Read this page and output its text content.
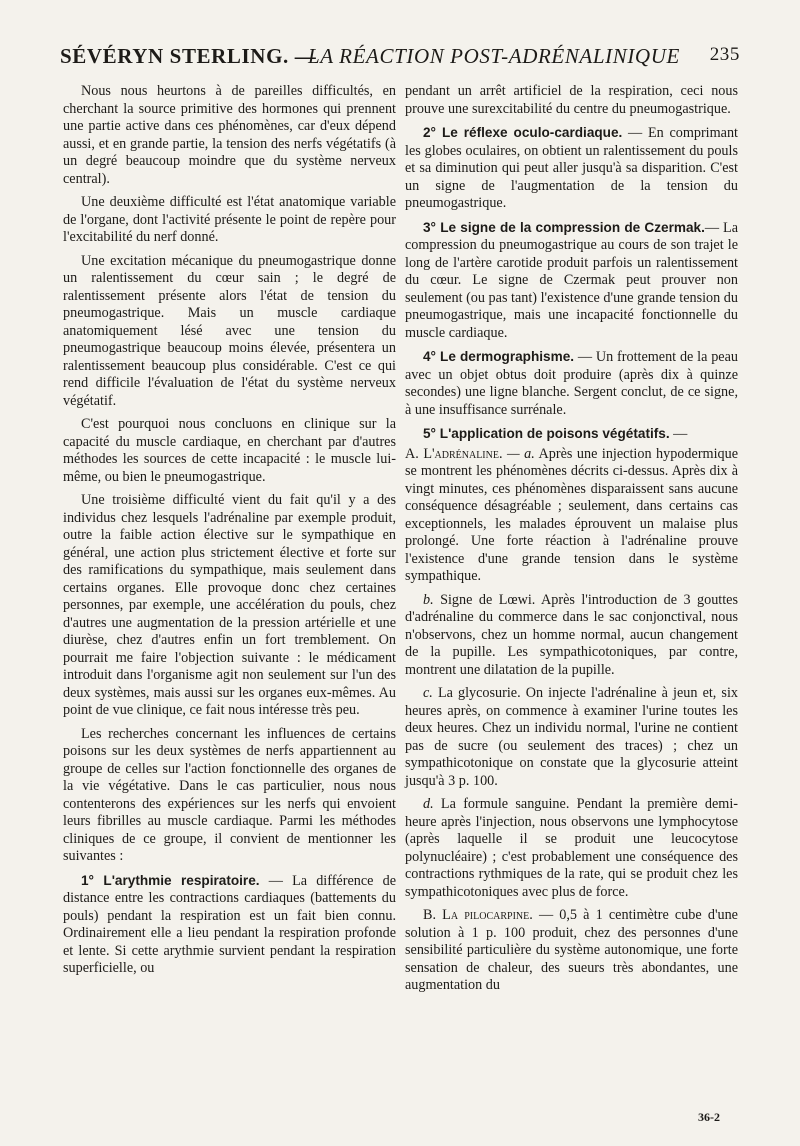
SÉVÉRYN STERLING. —
LA RÉACTION POST-ADRÉNALINIQUE 235

Nous nous heurtons à de pareilles difficultés, en cherchant la source primitive des hormones qui prennent une partie active dans ces phénomènes, car d'eux dépend aussi, et en grande partie, la tension des nerfs végétatifs (à un degré beaucoup moindre que du système nerveux central).

Une deuxième difficulté est l'état anatomique variable de l'organe, dont l'activité présente le point de repère pour l'excitabilité du nerf donné.

Une excitation mécanique du pneumogastrique donne un ralentissement du cœur sain ; le degré de ralentissement présente alors l'état de tension du pneumogastrique. Mais un muscle cardiaque anatomiquement lésé avec une tension du pneumogastrique beaucoup moins élevée, présentera un ralentissement beaucoup plus considérable. C'est ce qui rend difficile l'évaluation de l'état du système nerveux végétatif.

C'est pourquoi nous concluons en clinique sur la capacité du muscle cardiaque, en cherchant par d'autres méthodes les sources de cette incapacité : le muscle lui-même, ou bien le pneumogastrique.

Une troisième difficulté vient du fait qu'il y a des individus chez lesquels l'adrénaline par exemple produit, outre la faible action élective sur le sympathique en général, une action plus strictement élective et forte sur des ramifications du sympathique, mais seulement dans certains organes. Elle provoque donc chez certaines personnes, par exemple, une accélération du pouls, chez d'autres une augmentation de la pression artérielle et une diurèse, chez d'autres enfin un fort tremblement. On pourrait me faire l'objection suivante : le médicament introduit dans l'organisme agit non seulement sur l'un des deux systèmes, mais aussi sur les organes eux-mêmes. Au point de vue clinique, ce fait nous intéresse très peu.

Les recherches concernant les influences de certains poisons sur les deux systèmes de nerfs appartiennent au groupe de celles sur l'action fonctionnelle des organes de la vie végétative. Dans le cas particulier, nous nous contenterons des expériences sur les nerfs qui envoient leurs fibrilles au muscle cardiaque. Parmi les méthodes cliniques de ce groupe, il convient de mentionner les suivantes :

1° L'arythmie respiratoire. — La différence de distance entre les contractions cardiaques (battements du pouls) pendant la respiration est un fait bien connu. Ordinairement elle a lieu pendant la respiration profonde et lente. Si cette arythmie survient pendant la respiration superficielle, ou

pendant un arrêt artificiel de la respiration, ceci nous prouve une surexcitabilité du centre du pneumogastrique.

2° Le réflexe oculo-cardiaque. — En comprimant les globes oculaires, on obtient un ralentissement du pouls et sa diminution qui peut aller jusqu'à sa disparition. C'est un signe de l'augmentation de la tension du pneumogastrique.

3° Le signe de la compression de Czermak.— La compression du pneumogastrique au cours de son trajet le long de l'artère carotide produit parfois un ralentissement du cœur. Le signe de Czermak peut prouver non seulement (ou pas tant) l'existence d'une grande tension du pneumogastrique, mais une incapacité fonctionnelle du muscle cardiaque.

4° Le dermographisme. — Un frottement de la peau avec un objet obtus doit produire (après dix à quinze secondes) une ligne blanche. Sergent conclut, de ce signe, à une insuffisance surrénale.

5° L'application de poisons végétatifs. —

A. L'adrénaline. — a. Après une injection hypodermique se montrent les phénomènes décrits ci-dessus. Après dix à vingt minutes, ces phénomènes disparaissent sans aucune conséquence désagréable ; seulement, dans certains cas exceptionnels, les malades éprouvent un malaise plus prolongé. Une forte réaction à l'adrénaline prouve l'existence d'une grande tension dans le système sympathique.

b. Signe de Lœwi. Après l'introduction de 3 gouttes d'adrénaline du commerce dans le sac conjonctival, nous n'observons, chez un homme normal, aucun changement de la pupille. Les sympathicotoniques, par contre, montrent une dilatation de la pupille.

c. La glycosurie. On injecte l'adrénaline à jeun et, six heures après, on commence à examiner l'urine toutes les deux heures. Chez un individu normal, l'urine ne contient pas de sucre (ou seulement des traces) ; chez un sympathicotonique on constate que la glycosurie atteint jusqu'à 3 p. 100.

d. La formule sanguine. Pendant la première demi-heure après l'injection, nous observons une lymphocytose (après laquelle il se produit une leucocytose polynucléaire) ; c'est probablement une conséquence des contractions rythmiques de la rate, qui se produit chez les sympathicotoniques avec plus de force.

B. La pilocarpine. — 0,5 à 1 centimètre cube d'une solution à 1 p. 100 produit, chez des personnes d'une sensibilité particulière du système autonomique, une forte sensation de chaleur, des sueurs très abondantes, une augmentation du

36-2
